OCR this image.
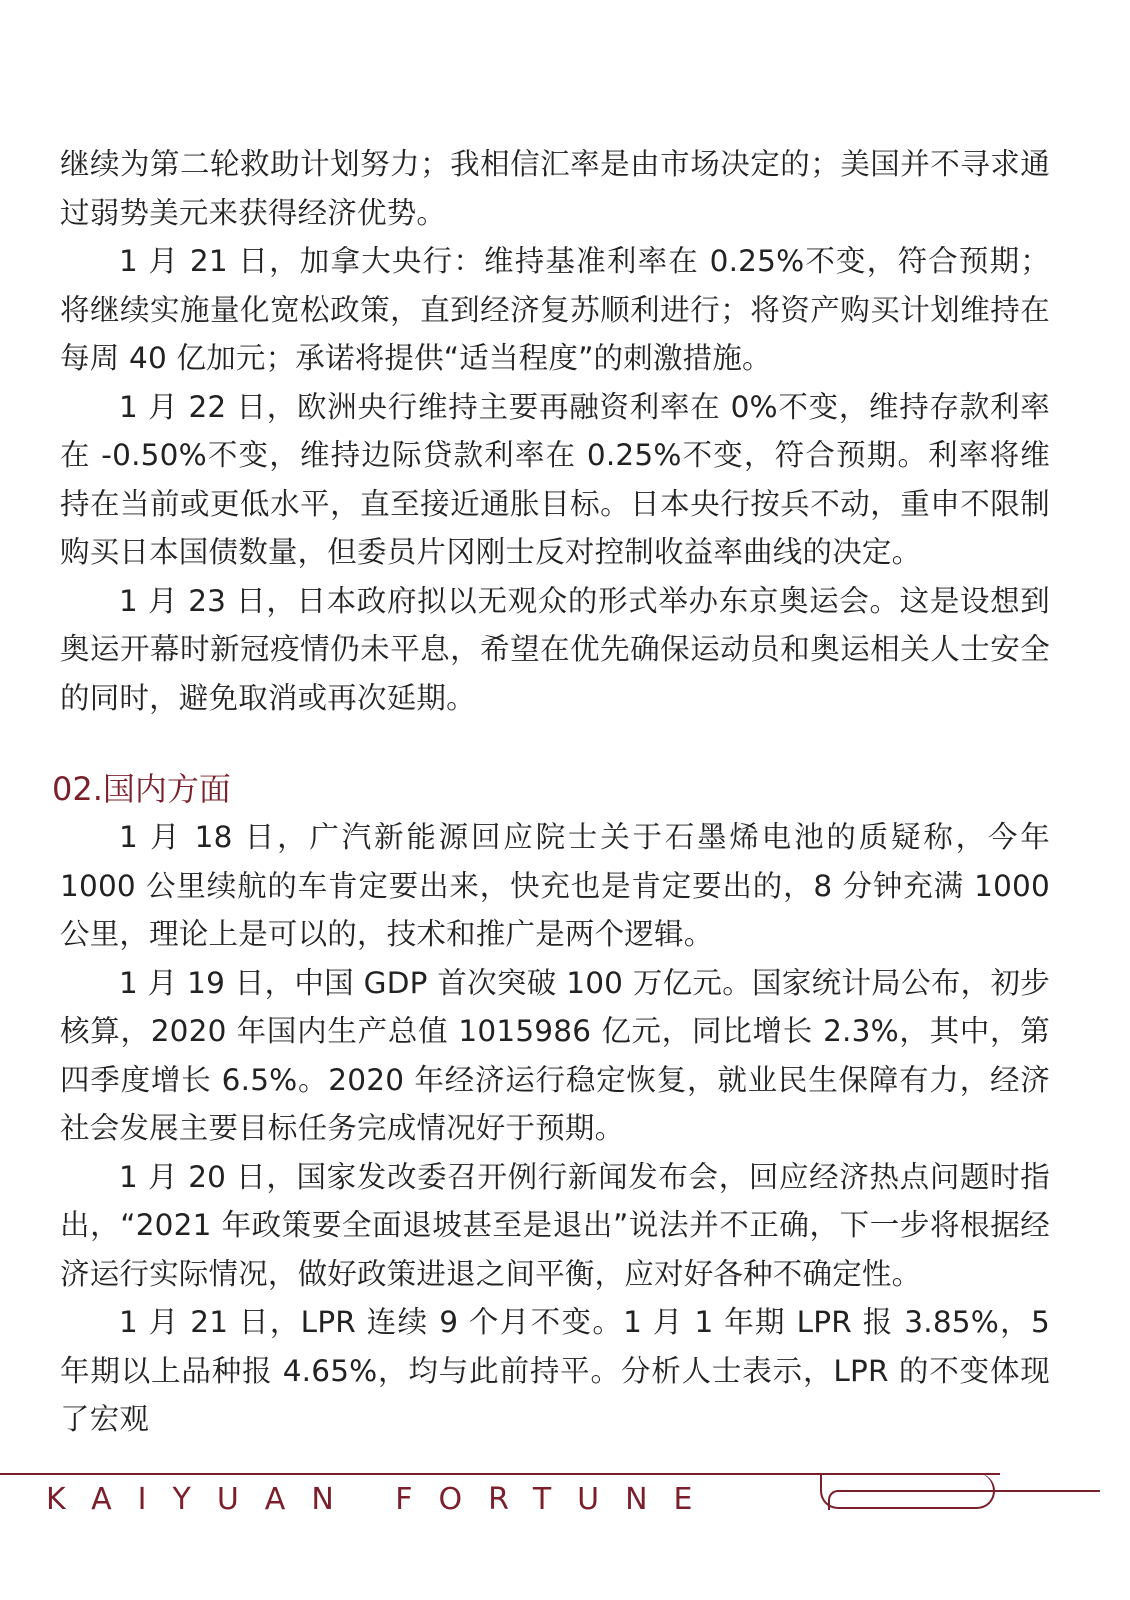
继续为第二轮救助计划努力；我相信汇率是由市场决定的；美国并不寻求通过弱势美元来获得经济优势。

1 月 21 日，加拿大央行：维持基准利率在 0.25%不变，符合预期；将继续实施量化宽松政策，直到经济复苏顺利进行；将资产购买计划维持在每周 40 亿加元；承诺将提供“适当程度”的刺激措施。

1 月 22 日，欧洲央行维持主要再融资利率在 0%不变，维持存款利率在 -0.50%不变，维持边际贷款利率在 0.25%不变，符合预期。利率将维持在当前或更低水平，直至接近通胀目标。日本央行按兵不动，重申不限制购买日本国债数量，但委员片冈刚士反对控制收益率曲线的决定。

1 月 23 日，日本政府拟以无观众的形式举办东京奥运会。这是设想到奥运开幕时新冠疫情仍未平息，希望在优先确保运动员和奥运相关人士安全的同时，避免取消或再次延期。

02.国内方面

1 月 18 日，广汽新能源回应院士关于石墨烯电池的质疑称，今年 1000 公里续航的车肯定要出来，快充也是肯定要出的，8 分钟充满 1000 公里，理论上是可以的，技术和推广是两个逻辑。

1 月 19 日，中国 GDP 首次突破 100 万亿元。国家统计局公布，初步核算，2020 年国内生产总值 1015986 亿元，同比增长 2.3%，其中，第四季度增长 6.5%。2020 年经济运行稳定恢复，就业民生保障有力，经济社会发展主要目标任务完成情况好于预期。

1 月 20 日，国家发改委召开例行新闻发布会，回应经济热点问题时指出，“2021 年政策要全面退坡甚至是退出”说法并不正确，下一步将根据经济运行实际情况，做好政策进退之间平衡，应对好各种不确定性。

1 月 21 日，LPR 连续 9 个月不变。1 月 1 年期 LPR 报 3.85%，5 年期以上品种报 4.65%，均与此前持平。分析人士表示，LPR 的不变体现了宏观

KAIYUAN FORTUNE
